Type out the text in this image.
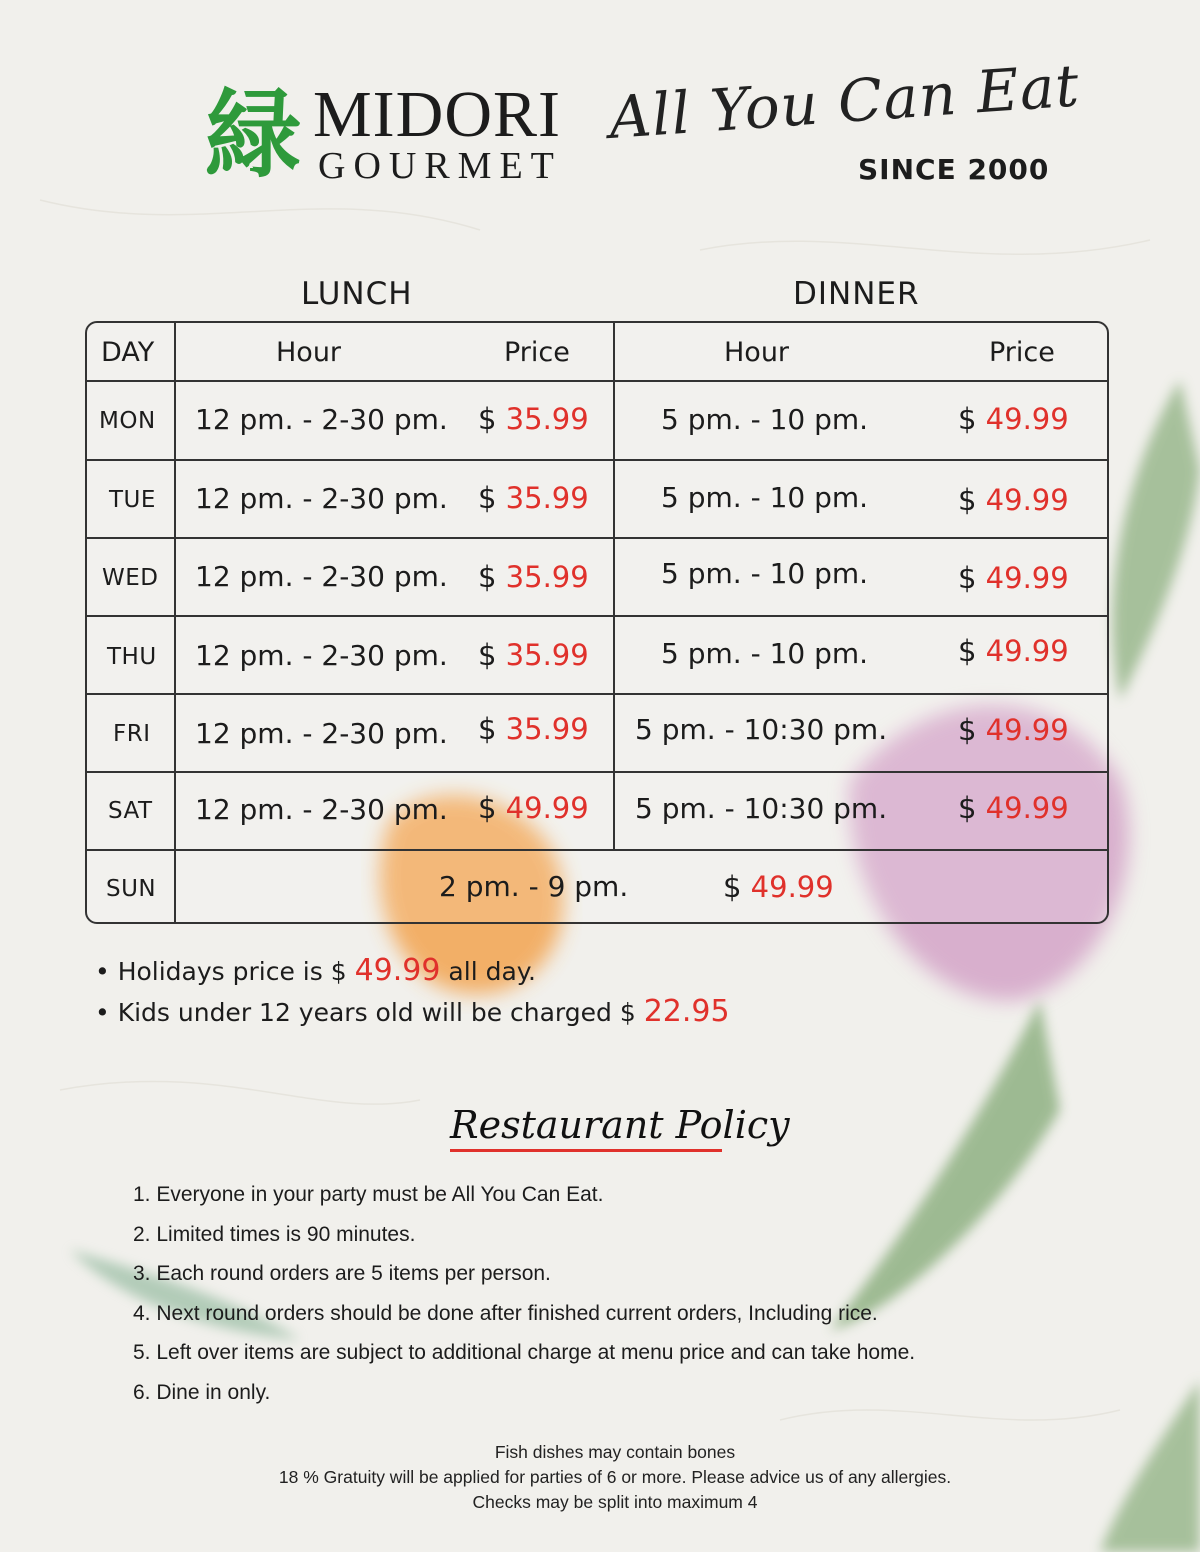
緑 MIDORI
GOURMET
All You Can Eat
SINCE 2000
LUNCH	DINNER
DAY	Hour	Price	Hour	Price
MON 12 pm. - 2-30 pm. $ 35.99	5 pm. - 10 pm.	$ 49.99
TUE 12 pm. - 2-30 pm. $ 35.99	5 pm. - 10 pm.	$ 49.99
WED 12 pm. - 2-30 pm. $ 35.99	5 pm. - 10 pm.	$ 49.99
THU 12 pm. - 2-30 pm. $ 35.99	5 pm. - 10 pm.	$ 49.99
FRI 12 pm. - 2-30 pm. $ 35.99 5 pm. - 10:30 pm. $ 49.99
SAT 12 pm. - 2-30 pm. $ 49.99 5 pm. - 10:30 pm. $ 49.99
SUN	2 pm. - 9 pm.	$ 49.99
• Holidays price is $ 49.99 all day.
• Kids under 12 years old will be charged $ 22.95
Restaurant Policy
1. Everyone in your party must be All You Can Eat.
2. Limited times is 90 minutes.
3. Each round orders are 5 items per person.
4. Next round orders should be done after finished current orders, Including rice.
5. Left over items are subject to additional charge at menu price and can take home.
6. Dine in only.
Fish dishes may contain bones
18 % Gratuity will be applied for parties of 6 or more. Please advice us of any allergies.
Checks may be split into maximum 4
